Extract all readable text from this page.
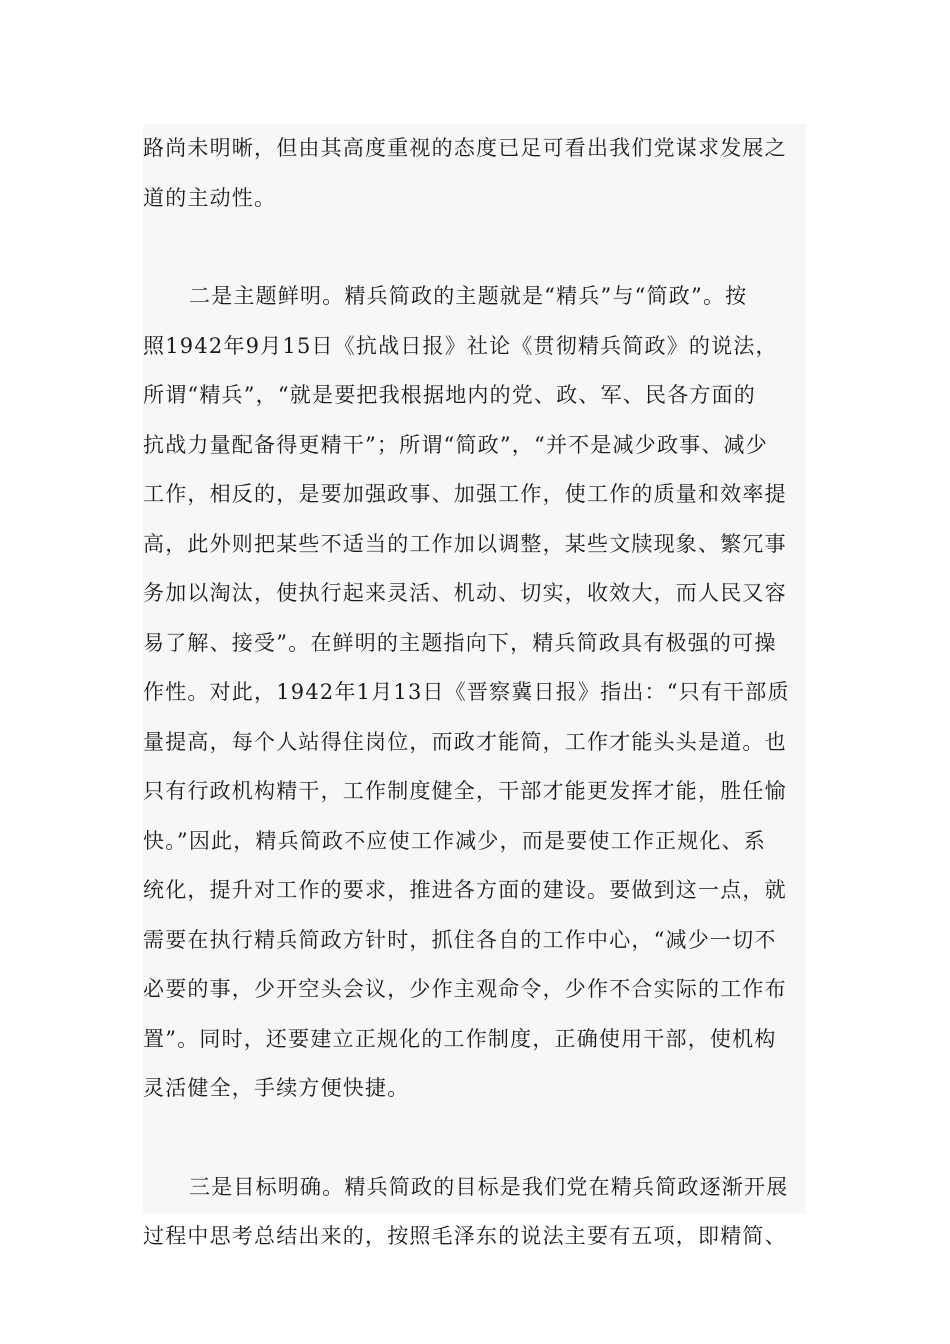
路尚未明晰，但由其高度重视的态度已足可看出我们党谋求发展之
道的主动性。
二是主题鲜明。精兵简政的主题就是“精兵”与“简政”。按
照1942年9月15日《抗战日报》社论《贯彻精兵简政》的说法，
所谓“精兵”，“就是要把我根据地内的党、政、军、民各方面的
抗战力量配备得更精干”；所谓“简政”，“并不是减少政事、减少
工作，相反的，是要加强政事、加强工作，使工作的质量和效率提
高，此外则把某些不适当的工作加以调整，某些文牍现象、繁冗事
务加以淘汰，使执行起来灵活、机动、切实，收效大，而人民又容
易了解、接受”。在鲜明的主题指向下，精兵简政具有极强的可操
作性。对此，1942年1月13日《晋察冀日报》指出：“只有干部质
量提高，每个人站得住岗位，而政才能简，工作才能头头是道。也
只有行政机构精干，工作制度健全，干部才能更发挥才能，胜任愉
快。”因此，精兵简政不应使工作减少，而是要使工作正规化、系
统化，提升对工作的要求，推进各方面的建设。要做到这一点，就
需要在执行精兵简政方针时，抓住各自的工作中心，“减少一切不
必要的事，少开空头会议，少作主观命令，少作不合实际的工作布
置”。同时，还要建立正规化的工作制度，正确使用干部，使机构
灵活健全，手续方便快捷。
三是目标明确。精兵简政的目标是我们党在精兵简政逐渐开展
过程中思考总结出来的，按照毛泽东的说法主要有五项，即精简、
